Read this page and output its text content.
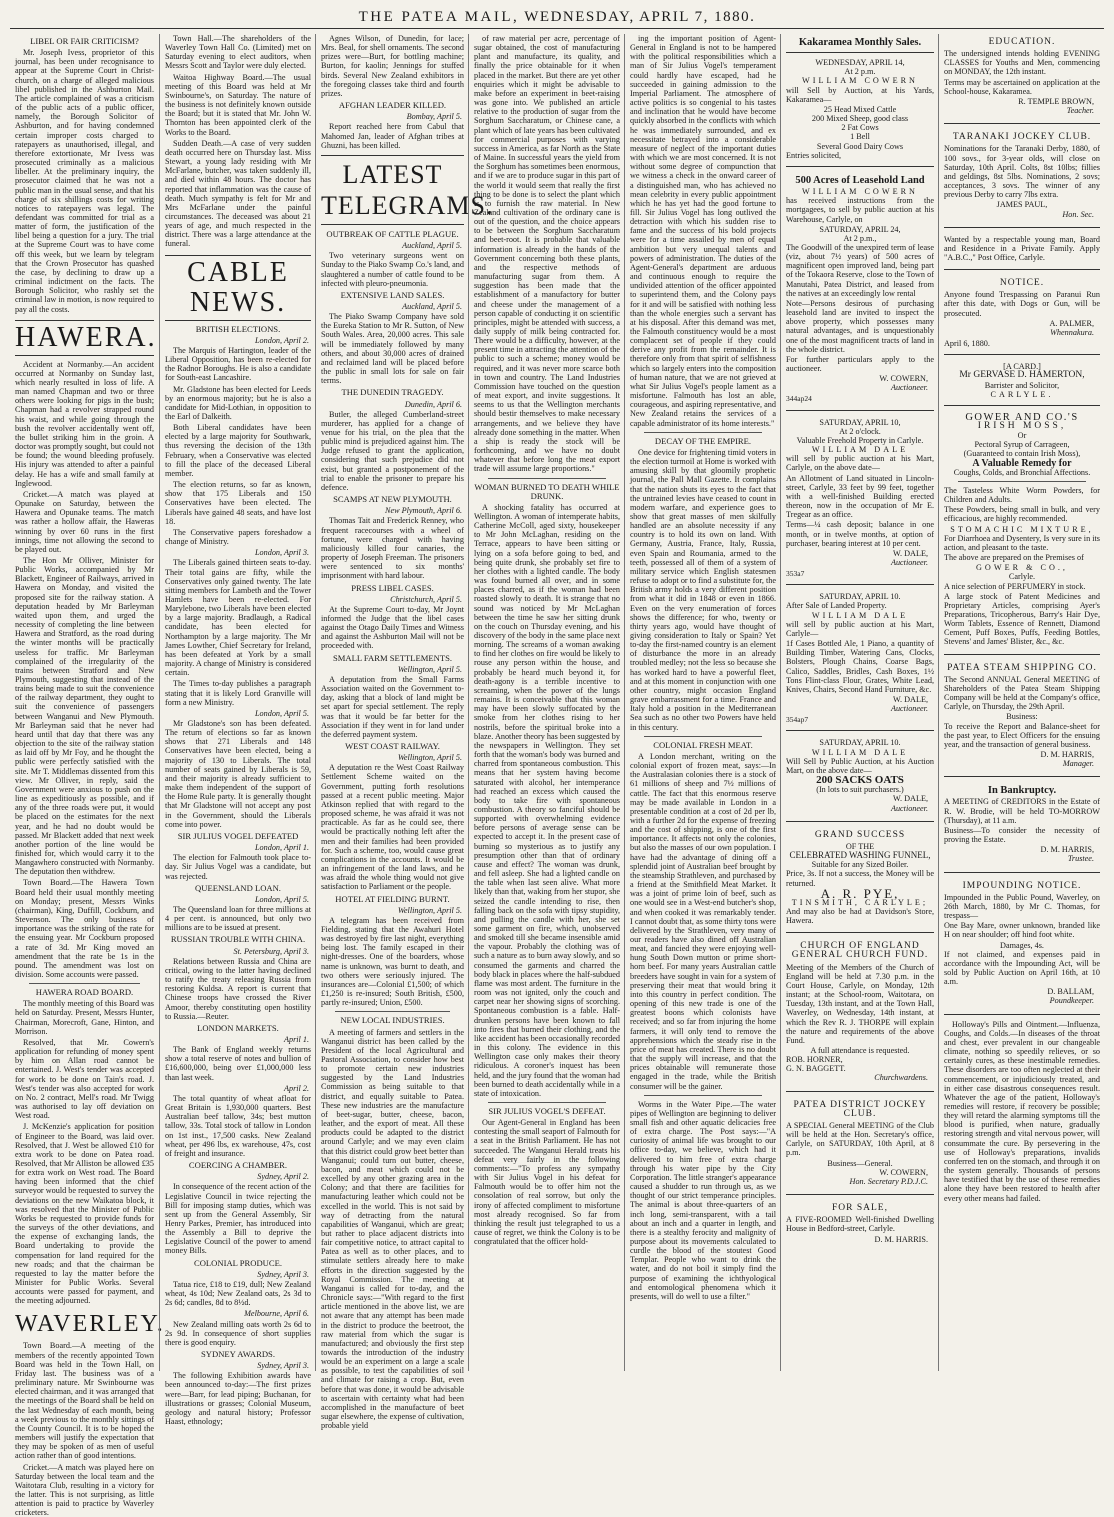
THE PATEA MAIL, WEDNESDAY, APRIL 7, 1880.
LIBEL OR FAIR CRITICISM?

Mr. Joseph Ivess, proprietor of this journal, has been under recognisance to appear at the Supreme Court in Christ-church, on a charge of alleged malicious libel published in the Ashburton Mail. The article complained of was a criticism of the public acts of a public officer, namely, the Borough Solicitor of Ashburton, and for having condemned certain improper costs charged to ratepayers as unauthorised, illegal, and therefore extortionate, Mr Ivess was prosecuted criminally as a malicious libeller. At the preliminary inquiry, the prosecutor claimed that he was not a public man in the usual sense, and that his charge of six shillings costs for writing notices to ratepayers was legal. The defendant was committed for trial as a matter of form, the justification of the libel being a question for a jury. The trial at the Supreme Court was to have come off this week, but we learn by telegram that the Crown Prosecutor has quashed the case, by declining to draw up a criminal indictment on the facts. The Borough Solicitor, who rashly set the criminal law in motion, is now required to pay all the costs.

HAWERA.

Accident at Normanby.—An accident occurred at Normanby on Sunday last, which nearly resulted in loss of life. A man named Chapman and two or three others were looking for pigs in the bush; Chapman had a revolver strapped round his waist, and while going through the bush the revolver accidentally went off, the bullet striking him in the groin. A doctor was promptly sought, but could not be found; the wound bleeding profusely. His injury was attended to after a painful delay. He has a wife and small family at Inglewood.

Cricket.—A match was played at Opunake on Saturday, between the Hawera and Opunake teams. The match was rather a hollow affair, the Haweras winning by over 60 runs in the first innings, time not allowing the second to be played out.

The Hon Mr Olliver, Minister for Public Works, accompanied by Mr Blackett, Engineer of Railways, arrived in Hawera on Monday, and visited the proposed site for the railway station. A deputation headed by Mr Barleyman waited upon them, and urged the necessity of completing the line between Hawera and Stratford, as the road during the winter months will be practically useless for traffic. Mr Barleyman complained of the irregularity of the trains between Stratford and New Plymouth, suggesting that instead of the trains being made to suit the convenience of the railway department, they ought to suit the convenience of passengers between Wanganui and New Plymouth. Mr Barleyman said that he never had heard until that day that there was any objection to the site of the railway station as laid off by Mr Foy, and he thought the public were perfectly satisfied with the site. Mr T. Middlemas dissented from this view. Mr Olliver, in reply, said the Government were anxious to push on the line as expeditiously as possible, and if any of the three roads were put, it would be placed on the estimates for the next year, and he had no doubt would be passed. Mr Blackett added that next week another portion of the line would be finished for, which would carry it to the Mangawhero constructed with Normanby. The deputation then withdrew.

Town Board.—The Hawera Town Board held their usual monthly meeting on Monday; present, Messrs Winks (chairman), King, Duffill, Cockburn, and Stevenson. The only business of importance was the striking of the rate for the ensuing year. Mr Cockburn proposed a rate of 3d. Mr King moved an amendment that the rate be 1s in the pound. The amendment was lost on division. Some accounts were passed.

HAWERA ROAD BOARD.

The monthly meeting of this Board was held on Saturday. Present, Messrs Hunter, Chairman, Morecroft, Gane, Hinton, and Morrison.

Resolved, that Mr. Cowern's application for refunding of money spent by him on Allan road cannot be entertained. J. West's tender was accepted for work to be done on Tain's road. J. West's tender was also accepted for work on No. 2 contract, Mell's road. Mr Twigg was authorised to lay off deviation on West road.

J. McKenzie's application for position of Engineer to the Board, was laid over. Resolved, that J. West be allowed £10 for extra work to be done on Patea road. Resolved, that Mr Alliston be allowed £35 for extra work on West road. The Board having been informed that the chief surveyor would be requested to survey the deviations on the new Waikatoa block, it was resolved that the Minister of Public Works be requested to provide funds for the surveys of the other deviations, and the expense of exchanging lands, the Board undertaking to provide the compensation for land required for the new roads; and that the chairman be requested to lay the matter before the Minister for Public Works. Several accounts were passed for payment, and the meeting adjourned.

WAVERLEY.

Town Board.—A meeting of the members of the recently appointed Town Board was held in the Town Hall, on Friday last. The business was of a preliminary nature. Mr Swinbourne was elected chairman, and it was arranged that the meetings of the Board shall be held on the last Wednesday of each month, being a week previous to the monthly sittings of the County Council. It is to be hoped the members will justify the expectation that they may be spoken of as men of useful action rather than of good intentions.

Cricket.—A match was played here on Saturday between the local team and the Waitotara Club, resulting in a victory for the latter. This is not surprising, as little attention is paid to practice by Waverley cricketers.

Town Hall.—The shareholders of the Waverley Town Hall Co. (Limited) met on Saturday evening to elect auditors, when Messrs Scott and Taylor were duly elected.

Waitoa Highway Board.—The usual meeting of this Board was held at Mr Swinbourne's, on Saturday. The nature of the business is not definitely known outside the Board; but it is stated that Mr. John W. Thornton has been appointed clerk of the Works to the Board.

Sudden Death.—A case of very sudden death occurred here on Thursday last. Miss Stewart, a young lady residing with Mr McFarlane, butcher, was taken suddenly ill, and died within 48 hours. The doctor has reported that inflammation was the cause of death. Much sympathy is felt for Mr and Mrs McFarlane under the painful circumstances. The deceased was about 21 years of age, and much respected in the district. There was a large attendance at the funeral.

CABLE NEWS.
BRITISH ELECTIONS.
London, April 2.

The Marquis of Hartington, leader of the Liberal Opposition, has been re-elected for the Radnor Boroughs. He is also a candidate for South-east Lancashire.

Mr. Gladstone has been elected for Leeds by an enormous majority; but he is also a candidate for Mid-Lothian, in opposition to the Earl of Dalkeith.

Both Liberal candidates have been elected by a large majority for Southwark, thus reversing the decision of the 13th February, when a Conservative was elected to fill the place of the deceased Liberal member.

The election returns, so far as known, show that 175 Liberals and 150 Conservatives have been elected. The Liberals have gained 48 seats, and have lost 18.

The Conservative papers foreshadow a change of Ministry.

London, April 3.

The Liberals gained thirteen seats to-day. Their total gains are fifty, while the Conservatives only gained twenty. The late sitting members for Lambeth and the Tower Hamlets have been re-elected. For Marylebone, two Liberals have been elected by a large majority. Bradlaugh, a Radical candidate, has been elected for Northampton by a large majority. The Mr James Lowther, Chief Secretary for Ireland, has been defeated at York by a small majority. A change of Ministry is considered certain.

The Times to-day publishes a paragraph stating that it is likely Lord Granville will form a new Ministry.

London, April 5.

Mr Gladstone's son has been defeated. The return of elections so far as known shows that 271 Liberals and 148 Conservatives have been elected, being a majority of 130 to Liberals. The total number of seats gained by Liberals is 59, and their majority is already sufficient to make them independent of the support of the Home Rule party. It is generally thought that Mr Gladstone will not accept any post in the Government, should the Liberals come into power.

SIR JULIUS VOGEL DEFEATED
London, April 1.

The election for Falmouth took place to-day. Sir Julius Vogel was a candidate, but was rejected.

QUEENSLAND LOAN.
London, April 5.

The Queensland loan for three millions at 4 per cent. is announced, but only two millions are to be issued at present.

RUSSIAN TROUBLE WITH CHINA.
St. Petersburg, April 3.

Relations between Russia and China are critical, owing to the latter having declined to ratify the treaty releasing Russia from restoring Kuldsa. A report is current that Chinese troops have crossed the River Amoor, thereby constituting open hostility to Russia.—Reuter.

LONDON MARKETS.
April 1.

The Bank of England weekly returns show a total reserve of notes and bullion of £16,600,000, being over £1,000,000 less than last week.

April 2.

The total quantity of wheat afloat for Great Britain is 1,930,000 quarters. Best Australian beef tallow, 34s; best mutton tallow, 33s. Total stock of tallow in London on 1st inst., 17,500 casks. New Zealand wheat, per 496 lbs, ex warehouse, 47s, cost of freight and insurance.

COERCING A CHAMBER.
Sydney, April 2.

In consequence of the recent action of the Legislative Council in twice rejecting the Bill for imposing stamp duties, which was sent up from the General Assembly, Sir Henry Parkes, Premier, has introduced into the Assembly a Bill to deprive the Legislative Council of the power to amend money Bills.

COLONIAL PRODUCE.
Sydney, April 3.

Tatua rice, £18 to £19, dull; New Zealand wheat, 4s 10d; New Zealand oats, 2s 3d to 2s 6d; candles, 8d to 8½d.

Melbourne, April 6.

New Zealand milling oats worth 2s 6d to 2s 9d. In consequence of short supplies there is good enquiry.

SYDNEY AWARDS.
Sydney, April 3.

The following Exhibition awards have been announced to-day:—The first prizes were—Barr, for lead piping; Buchanan, for illustrations or grasses; Colonial Museum, geology and natural history; Professor Haast, ethnology;

Agnes Wilson, of Dunedin, for lace; Mrs. Beal, for shell ornaments. The second prizes were—Burt, for bottling machine; Burton, for kaolin; Jennings for stuffed birds. Several New Zealand exhibitors in the foregoing classes take third and fourth prizes.

AFGHAN LEADER KILLED.
Bombay, April 5.

Report reached here from Cabul that Mahomed Jan, leader of Afghan tribes at Ghuzni, has been killed.

LATEST
TELEGRAMS.
OUTBREAK OF CATTLE PLAGUE.
Auckland, April 5.

Two veterinary surgeons went on Sunday to the Piako Swamp Co.'s land, and slaughtered a number of cattle found to be infected with pleuro-pneumonia.

EXTENSIVE LAND SALES.
Auckland, April 5.

The Piako Swamp Company have sold the Eureka Station to Mr R. Sutton, of New South Wales. Area, 20,000 acres. This sale will be immediately followed by many others, and about 30,000 acres of drained and reclaimed land will be placed before the public in small lots for sale on fair terms.

THE DUNEDIN TRAGEDY.
Dunedin, April 6.

Butler, the alleged Cumberland-street murderer, has applied for a change of venue for his trial, on the plea that the public mind is prejudiced against him. The Judge refused to grant the application, considering that such prejudice did not exist, but granted a postponement of the trial to enable the prisoner to prepare his defence.

SCAMPS AT NEW PLYMOUTH.
New Plymouth, April 6.

Thomas Tait and Frederick Renney, who frequent racecourses with a wheel of fortune, were charged with having maliciously killed four canaries, the property of Joseph Freeman. The prisoners were sentenced to six months' imprisonment with hard labour.

PRESS LIBEL CASES.
Christchurch, April 5.

At the Supreme Court to-day, Mr Joynt informed the Judge that the libel cases against the Otago Daily Times and Witness and against the Ashburton Mail will not be proceeded with.

SMALL FARM SETTLEMENTS.
Wellington, April 5.

A deputation from the Small Farms Association waited on the Government to-day, asking that a block of land might be set apart for special settlement. The reply was that it would be far better for the Association if they went in for land under the deferred payment system.

WEST COAST RAILWAY.
Wellington, April 5.

A deputation re the West Coast Railway Settlement Scheme waited on the Government, putting forth resolutions passed at a recent public meeting. Major Atkinson replied that with regard to the proposed scheme, he was afraid it was not practicable. As far as he could see, there would be practically nothing left after the men and their families had been provided for. Such a scheme, too, would cause great complications in the accounts. It would be an infringement of the land laws, and he was afraid the whole thing would not give satisfaction to Parliament or the people.

HOTEL AT FIELDING BURNT.
Wellington, April 5.

A telegram has been received from Fielding, stating that the Awahuri Hotel was destroyed by fire last night, everything being lost. The family escaped in their night-dresses. One of the boarders, whose name is unknown, was burnt to death, and two others were seriously injured. The insurances are—Colonial £1,500; of which £1,250 is re-insured; South British, £500, partly re-insured; Union, £500.

NEW LOCAL INDUSTRIES.

A meeting of farmers and settlers in the Wanganui district has been called by the President of the local Agricultural and Pastoral Association, to consider how best to promote certain new industries suggested by the Land Industries Commission as being suitable to that district, and equally suitable to Patea. These new industries are the manufacture of beet-sugar, butter, cheese, bacon, leather, and the export of meat. All these products could be adapted to the district around Carlyle; and we may even claim that this district could grow beet better than Wanganui; could turn out butter, cheese, bacon, and meat which could not be excelled by any other grazing area in the Colony; and that there are facilities for manufacturing leather which could not be excelled in the world. This is not said by way of detracting from the natural capabilities of Wanganui, which are great; but rather to place adjacent districts into fair competitive notice, to attract capital to Patea as well as to other places, and to stimulate settlers already here to make efforts in the direction suggested by the Royal Commission. The meeting at Wanganui is called for to-day, and the Chronicle says:—"With regard to the first article mentioned in the above list, we are not aware that any attempt has been made in the district to produce the beetroot, the raw material from which the sugar is manufactured; and obviously the first step towards the introduction of the industry would be an experiment on a large a scale as possible, to test the capabilities of soil and climate for raising a crop. But, even before that was done, it would be advisable to ascertain with certainty what had been accomplished in the manufacture of beet sugar elsewhere, the expense of cultivation, probable yield

of raw material per acre, percentage of sugar obtained, the cost of manufacturing plant and manufacture, its quality, and finally the price obtainable for it when placed in the market. But there are yet other enquiries which it might be advisable to make before an experiment in beet-raising was gone into. We published an article relative to the production of sugar from the Sorghum Saccharatum, or Chinese cane, a plant which of late years has been cultivated for commercial purposes with varying success in America, as far North as the State of Maine. In successful years the yield from the Sorghum has sometimes been enormous, and if we are to produce sugar in this part of the world it would seem that really the first thing to be done is to select the plant which is to furnish the raw material. In New Zealand cultivation of the ordinary cane is out of the question, and the choice appears to be between the Sorghum Saccharatum and beet-root. It is probable that valuable information is already in the hands of the Government concerning both these plants, and the respective methods of manufacturing sugar from them. A suggestion has been made that the establishment of a manufactory for butter and cheese under the management of a person capable of conducting it on scientific principles, might be attended with success, a daily supply of milk being contracted for. There would be a difficulty, however, at the present time in attracting the attention of the public to such a scheme; money would be required, and it was never more scarce both in town and country. The Land Industries Commission have touched on the question of meat export, and invite suggestions. It seems to us that the Wellington merchants should bestir themselves to make necessary arrangements, and we believe they have already done something in the matter. When a ship is ready the stock will be forthcoming, and we have no doubt whatever that before long the meat export trade will assume large proportions."

WOMAN BURNED TO DEATH WHILE DRUNK.

A shocking fatality has occurred at Wellington. A woman of intemperate habits, Catherine McColl, aged sixty, housekeeper to Mr John McLaghan, residing on the Terrace, appears to have been sitting or lying on a sofa before going to bed, and being quite drunk, she probably set fire to her clothes with a lighted candle. The body was found burned all over, and in some places charred, as if the woman had been roasted slowly to death. It is strange that no sound was noticed by Mr McLaghan between the time he saw her sitting drunk on the couch on Thursday evening, and his discovery of the body in the same place next morning. The screams of a woman awaking to find her clothes on fire would be likely to rouse any person within the house, and probably be heard much beyond it, for death-agony is a terrible incentive to screaming, when the power of the lungs remains. It is conceivable that this woman may have been slowly suffocated by the smoke from her clothes rising to her nostrils, before the spiritual broke into a blaze. Another theory has been suggested by the newspapers in Wellington. They set forth that the woman's body was burned and charred from spontaneous combustion. This means that her system having become saturated with alcohol, her intemperance had reached an excess which caused the body to take fire with spontaneous combustion. A theory so fanciful should be supported with overwhelming evidence before persons of average sense can be expected to accept it. In the present case of burning so mysterious as to justify any presumption other than that of ordinary cause and effect? The woman was drunk, and fell asleep. She had a lighted candle on the table when last seen alive. What more likely than that, waking from her stupor, she seized the candle intending to rise, then falling back on the sofa with tipsy stupidity, and pulling the candle with her, she set some garment on fire, which, unobserved and smoked till she became insensible amid the vapour. Probably the clothing was of such a nature as to burn away slowly, and so consumed the garments and charred the body black in places where the half-subdued flame was most ardent. The furniture in the room was not ignited, only the couch and carpet near her showing signs of scorching. Spontaneous combustion is a fable. Half-drunken persons have been known to fall into fires that burned their clothing, and the like accident has been occasionally recorded in this colony. The evidence in this Wellington case only makes their theory ridiculous. A coroner's inquest has been held, and the jury found that the woman had been burned to death accidentally while in a state of intoxication.

SIR JULIUS VOGEL'S DEFEAT.

Our Agent-General in England has been contesting the small seaport of Falmouth for a seat in the British Parliament. He has not succeeded. The Wanganui Herald treats his defeat very fairly in the following comments:—"To profess any sympathy with Sir Julius Vogel in his defeat for Falmouth would be to offer him not the consolation of real sorrow, but only the irony of affected compliment to misfortune most already recognised. So far from thinking the result just telegraphed to us a cause of regret, we think the Colony is to be congratulated that the officer hold-

ing the important position of Agent-General in England is not to be hampered with the political responsibilities which a man of Sir Julius Vogel's temperament could hardly have escaped, had he succeeded in gaining admission to the Imperial Parliament. The atmosphere of active politics is so congenial to his tastes and inclination that he would have become quickly absorbed in the conflicts with which he was immediately surrounded, and ex necessitate betrayed into a considerable measure of neglect of the important duties with which we are most concerned. It is not without some degree of compunction that we witness a check in the onward career of a distinguished man, who has achieved no mean celebrity in every public appointment which he has yet had the good fortune to fill. Sir Julius Vogel has long outlived the detraction with which his sudden rise to fame and the success of his bold projects were for a time assailed by men of equal ambition but very unequal talents and powers of administration. The duties of the Agent-General's department are arduous and continuous enough to require the undivided attention of the officer appointed to superintend them, and the Colony pays for it and will be satisfied with nothing less than the whole energies such a servant has at his disposal. After this demand was met, the Falmouth constituency would be a most complacent set of people if they could derive any profit from the remainder. It is therefore only from that spirit of selfishness which so largely enters into the composition of human nature, that we are not grieved at what Sir Julius Vogel's people lament as a misfortune. Falmouth has lost an able, courageous, and aspiring representative, and New Zealand retains the services of a capable administrator of its home interests."

DECAY OF THE EMPIRE.

One device for frightening timid voters in the election turmoil at Home is worked with amusing skill by that gloomily prophetic journal, the Pall Mall Gazette. It complains that the nation shuts its eyes to the fact that the untrained levies have ceased to count in modern warfare, and experience goes to show that great masses of men skilfully handled are an absolute necessity if any country is to hold its own on land. With Germany, Austria, France, Italy, Russia, even Spain and Roumania, armed to the teeth, possessed all of them of a system of military service which English statesmen refuse to adopt or to find a substitute for, the British army holds a very different position from what it did in 1848 or even in 1866. Even on the very enumeration of forces shows the difference; for who, twenty or thirty years ago, would have thought of giving consideration to Italy or Spain? Yet to-day the first-named country is an element of disturbance the more in an already troubled medley; not the less so because she has worked hard to have a powerful fleet, and at this moment in conjunction with one other country, might occasion England grave embarrassment for a time. France and Italy hold a position in the Mediterranean Sea such as no other two Powers have held in this century.

COLONIAL FRESH MEAT.

A London merchant, writing on the colonial export of frozen meat, says:—In the Australasian colonies there is a stock of 61 millions of sheep and 7½ millions of cattle. The fact that this enormous reserve may be made available in London in a presentable condition at a cost of 2d per lb, with a further 2d for the expense of freezing and the cost of shipping, is one of the first importance. It affects not only the colonies, but also the masses of our own population. I have had the advantage of dining off a splendid joint of Australian beef brought by the steamship Strathleven, and purchased by a friend at the Smithfield Meat Market. It was a joint of prime loin of beef, such as one would see in a West-end butcher's shop, and when cooked it was remarkably tender. I cannot doubt that, as some thirty tons were delivered by the Strathleven, very many of our readers have also dined off Australian meat, and fancied they were enjoying well-hung South Down mutton or prime short-horn beef. For many years Australian cattle breeders have sought in vain for a system of preserving their meat that would bring it into this country in perfect condition. The opening of this new trade is one of the greatest boons which colonists have received; and so far from injuring the home farmers, it will only tend to remove the apprehensions which the steady rise in the price of meat has created. There is no doubt that the supply will increase, and that the prices obtainable will remunerate those engaged in the trade, while the British consumer will be the gainer.

Worms in the Water Pipe.—The water pipes of Wellington are beginning to deliver small fish and other aquatic delicacies free of extra charge. The Post says:—"A curiosity of animal life was brought to our office to-day, we believe, which had it delivered to him free of extra charge through his water pipe by the City Corporation. The little stranger's appearance caused a shudder to run through us, as we thought of our strict temperance principles. The animal is about three-quarters of an inch long, semi-transparent, with a tail about an inch and a quarter in length, and there is a stealthy ferocity and malignity of purpose about its movements calculated to curdle the blood of the stoutest Good Templar. People who want to drink the water, and do not boil it simply find the purpose of examining the ichthyological and entomological phenomena which it presents, will do well to use a filter."

Kakaramea Monthly Sales.

WEDNESDAY, APRIL 14,

At 2 p.m.

WILLIAM COWERN

will Sell by Auction, at his Yards, Kakaramea—

25 Head Mixed Cattle

200 Mixed Sheep, good class

2 Fat Cows

1 Bell

Several Good Dairy Cows

Entries solicited,

500 Acres of Leasehold Land

WILLIAM COWERN

has received instructions from the mortgagees, to sell by public auction at his Warehouse, Carlyle, on

SATURDAY, APRIL 24,

At 2 p.m.,

The Goodwill of the unexpired term of lease (viz, about 7½ years) of 500 acres of magnificent open improved land, being part of the Tokaora Reserve, close to the Town of Manutahi, Patea District, and leased from the natives at an exceedingly low rental

Note—Persons desirous of purchasing leasehold land are invited to inspect the above property, which possesses many natural advantages, and is unquestionably one of the most magnificent tracts of land in the whole district.

For further particulars apply to the auctioneer.

W. COWERN,

Auctioneer.

344ap24

SATURDAY, APRIL 10,

At 2 o'clock.

Valuable Freehold Property in Carlyle.

WILLIAM DALE

will sell by public auction at his Mart, Carlyle, on the above date—

An Allotment of Land situated in Lincoln-street, Carlyle, 33 feet by 99 feet, together with a well-finished Building erected thereon, now in the occupation of Mr E. Tregear as an office.

Terms—¼ cash deposit; balance in one month, or in twelve months, at option of purchaser, bearing interest at 10 per cent.

W. DALE,

Auctioneer.

353a7

SATURDAY, APRIL 10.

After Sale of Landed Property.

WILLIAM DALE

will sell by public auction at his Mart, Carlyle—

1f Cases Bottled Ale, 1 Piano, a quantity of Building Timber, Watering Cans, Clocks, Bolsters, Plough Chains, Coarse Bags, Calico, Saddles, Bridles, Cash Boxes, 1½ Tons Flint-class Flour, Grates, White Lead, Knives, Chairs, Second Hand Furniture, &c.

W. DALE,

Auctioneer.

354ap7

SATURDAY, APRIL 10.

WILLIAM DALE

Will Sell by Public Auction, at his Auction Mart, on the above date—

200 SACKS OATS

(In lots to suit purchasers.)

W. DALE,

Auctioneer.

GRAND SUCCESS

OF THE

CELEBRATED WASHING FUNNEL,

Suitable for any Sized Boiler.

Price, 3s. If not a success, the Money will be returned.

A. R. PYE,

TINSMITH, CARLYLE;

And may also be had at Davidson's Store, Hawera.

CHURCH OF ENGLAND GENERAL CHURCH FUND.

Meeting of the Members of the Church of England will be held at 7.30 p.m. in the Court House, Carlyle, on Monday, 12th instant; at the School-room, Waitotara, on Tuesday, 13th instant, and at the Town Hall, Waverley, on Wednesday, 14th instant, at which the Rev R. J. THORPE will explain the nature and requirements of the above Fund.

A full attendance is requested.

ROB. HORNER,

G. N. BAGGETT.

Churchwardens.

PATEA DISTRICT JOCKEY CLUB.

A SPECIAL General MEETING of the Club will be held at the Hon. Secretary's office, Carlyle, on SATURDAY, 10th April, at 8 p.m.

Business—General.

W. COWERN,

Hon. Secretary P.D.J.C.

FOR SALE,

A FIVE-ROOMED Well-finished Dwelling House in Bedford-street, Carlyle.

D. M. HARRIS.

EDUCATION.

The undersigned intends holding EVENING CLASSES for Youths and Men, commencing on MONDAY, the 12th instant.

Terms may be ascertained on application at the School-house, Kakaramea.

R. TEMPLE BROWN,

Teacher.

TARANAKI JOCKEY CLUB.

Nominations for the Taranaki Derby, 1880, of 100 sovs., for 3-year olds, will close on Saturday, 10th April. Colts, 8st 10lbs; fillies and geldings, 8st 5lbs. Nominations, 2 sovs; acceptances, 3 sovs. The winner of any previous Derby to carry 7lbs extra.

JAMES PAUL,

Hon. Sec.

Wanted by a respectable young man, Board and Residence in a Private Family. Apply "A.B.C.," Post Office, Carlyle.

NOTICE.

Anyone found Trespassing on Paranui Run after this date, with Dogs or Gun, will be prosecuted.

A. PALMER,

Whennakura.

April 6, 1880.

[A CARD.]

Mr GERVASE D. HAMERTON,

Barrister and Solicitor,

CARLYLE.

GOWER AND CO.'S

IRISH MOSS,

Or

Pectoral Syrup of Carrageen,

(Guaranteed to contain Irish Moss),

A Valuable Remedy for

Coughs, Colds, and Bronchial Affections.

The Tasteless White Worm Powders, for Children and Adults.

These Powders, being small in bulk, and very efficacious, are highly recommended.

STOMACHIC MIXTURE,

For Diarrhoea and Dysentery, Is very sure in its action, and pleasant to the taste.

The above are prepared on the Premises of

GOWER & CO.,

Carlyle.

A nice selection of PERFUMERY in stock.

A large stock of Patent Medicines and Proprietary Articles, comprising Ayer's Preparations, Tricopherous, Barry's Hair Dye, Worm Tablets, Essence of Rennett, Diamond Cement, Puff Boxes, Puffs, Feeding Bottles, Stevens' and James' Blister, &c., &c.

PATEA STEAM SHIPPING CO.

The Second ANNUAL General MEETING of Shareholders of the Patea Steam Shipping Company will be held at the Company's office, Carlyle, on Thursday, the 29th April.

Business:

To receive the Report and Balance-sheet for the past year, to Elect Officers for the ensuing year, and the transaction of general business.

D. M. HARRIS,

Manager.

In Bankruptcy.

A MEETING of CREDITORS in the Estate of R. W. Brodie, will be held TO-MORROW (Thursday), at 11 a.m.

Business—To consider the necessity of proving the Estate.

D. M. HARRIS,

Trustee.

IMPOUNDING NOTICE.

Impounded in the Public Pound, Waverley, on 26th March, 1880, by Mr C. Thomas, for trespass—

One Bay Mare, owner unknown, branded like H on near shoulder; off hind foot white.

Damages, 4s.

If not claimed, and expenses paid in accordance with the Impounding Act, will be sold by Public Auction on April 16th, at 10 a.m.

D. BALLAM,

Poundkeeper.

Holloway's Pills and Ointment.—Influenza, Coughs, and Colds.—In diseases of the throat and chest, ever prevalent in our changeable climate, nothing so speedily relieves, or so certainly cures, as these inestimable remedies. These disorders are too often neglected at their commencement, or injudiciously treated, and in either case disastrous consequences result. Whatever the age of the patient, Holloway's remedies will restore, if recovery be possible; they will retard the alarming symptoms till the blood is purified, when nature, gradually restoring strength and vital nervous power, will consummate the cure. By persevering in the use of Holloway's preparations, invalids conferred ten on the stomach, and through it on the system generally. Thousands of persons have testified that by the use of these remedies alone they have been restored to health after every other means had failed.
